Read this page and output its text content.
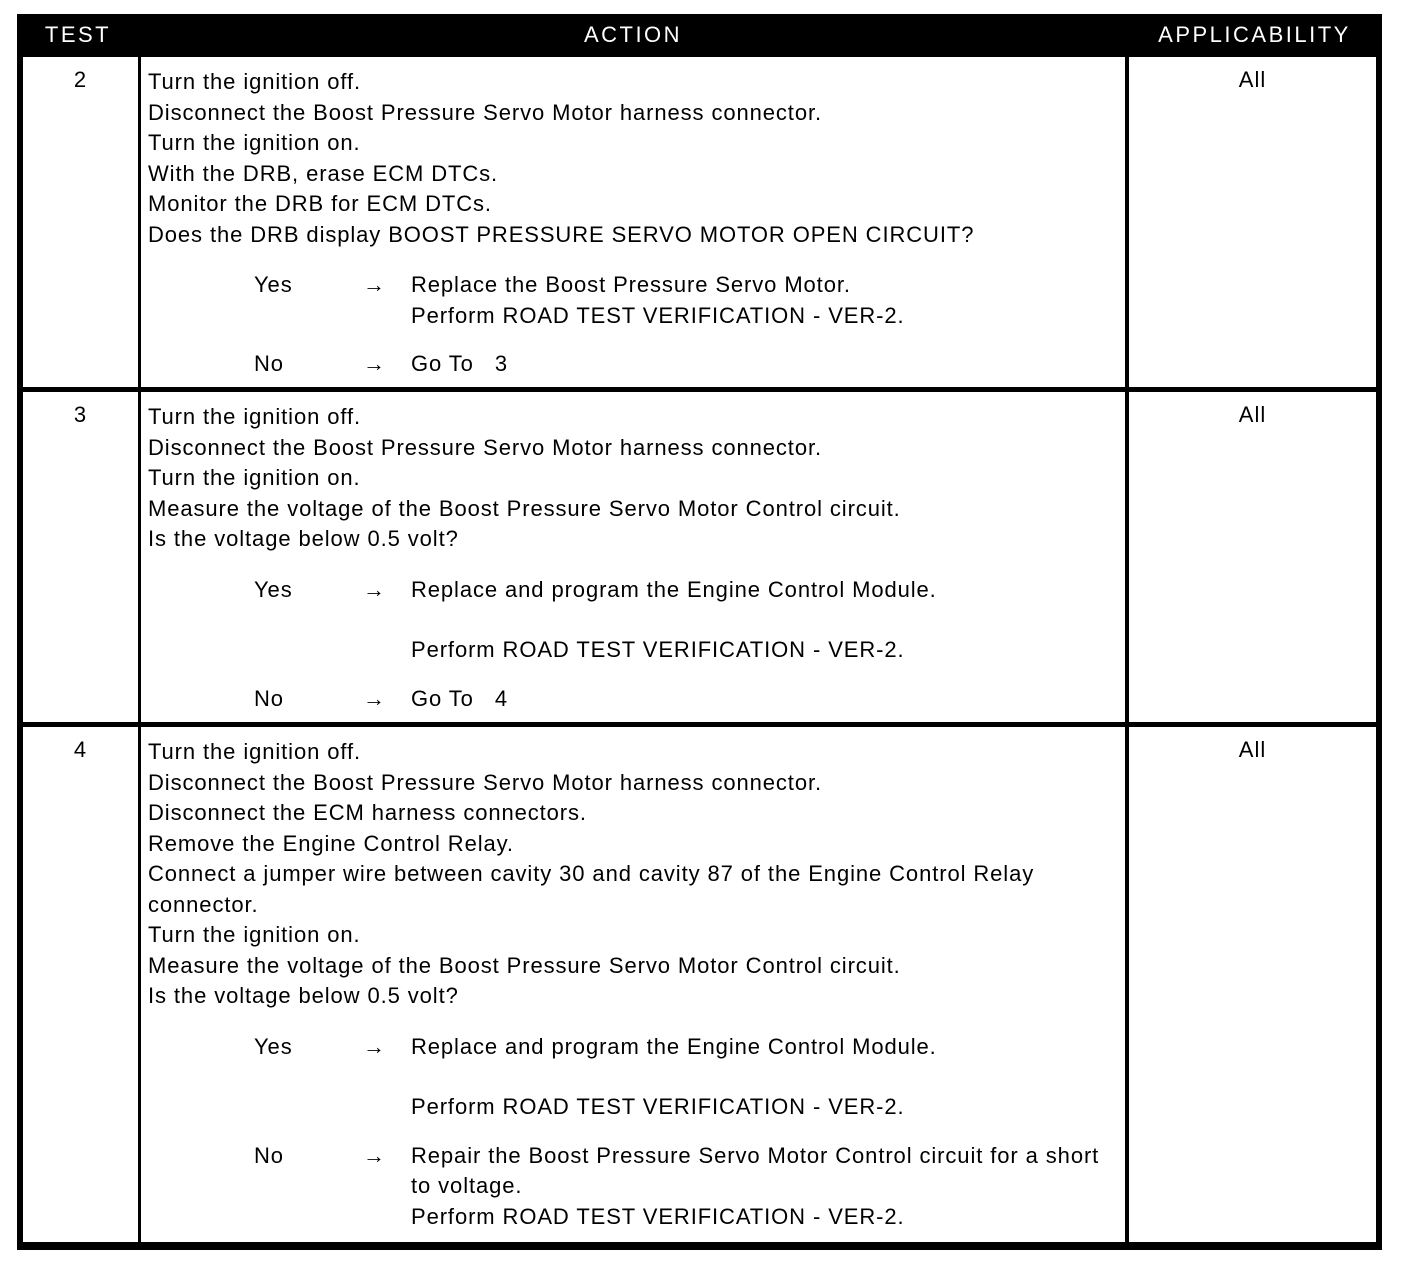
TEST	ACTION	APPLICABILITY
2	Turn the ignition off.
Disconnect the Boost Pressure Servo Motor harness connector.
Turn the ignition on.
With the DRB, erase ECM DTCs.
Monitor the DRB for ECM DTCs.
Does the DRB display BOOST PRESSURE SERVO MOTOR OPEN CIRCUIT?
Yes	→	Replace the Boost Pressure Servo Motor.
Perform ROAD TEST VERIFICATION - VER-2.
No	→	Go To   3
All
3	Turn the ignition off.
Disconnect the Boost Pressure Servo Motor harness connector.
Turn the ignition on.
Measure the voltage of the Boost Pressure Servo Motor Control circuit.
Is the voltage below 0.5 volt?
Yes	→	Replace and program the Engine Control Module.
Perform ROAD TEST VERIFICATION - VER-2.
No	→	Go To   4
All
4	Turn the ignition off.
Disconnect the Boost Pressure Servo Motor harness connector.
Disconnect the ECM harness connectors.
Remove the Engine Control Relay.
Connect a jumper wire between cavity 30 and cavity 87 of the Engine Control Relay
connector.
Turn the ignition on.
Measure the voltage of the Boost Pressure Servo Motor Control circuit.
Is the voltage below 0.5 volt?
Yes	→	Replace and program the Engine Control Module.
Perform ROAD TEST VERIFICATION - VER-2.
No	→	Repair the Boost Pressure Servo Motor Control circuit for a short
to voltage.
Perform ROAD TEST VERIFICATION - VER-2.
All
